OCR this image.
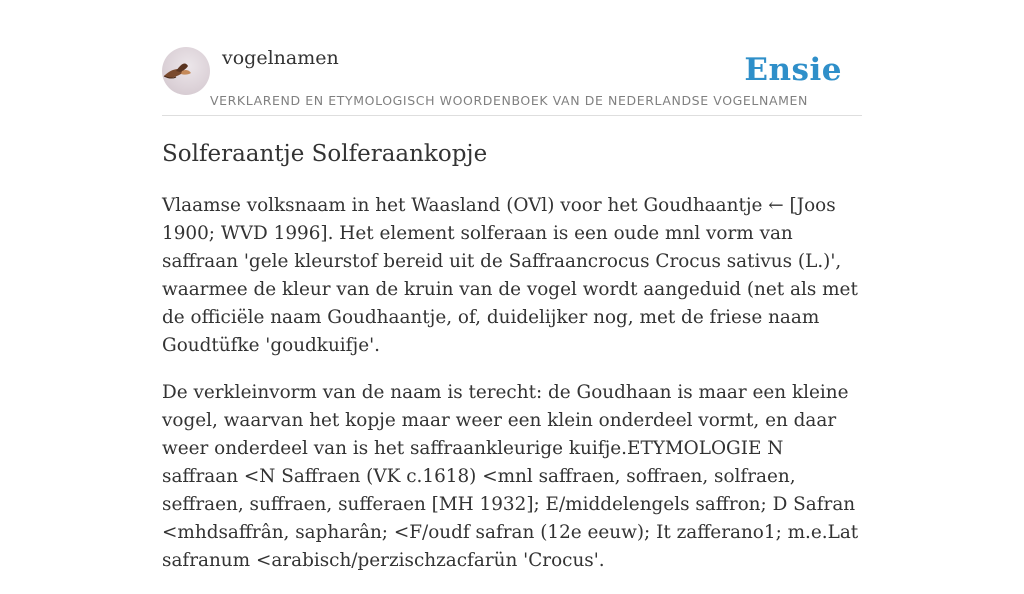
vogelnamen	Ensie
VERKLAREND EN ETYMOLOGISCH WOORDENBOEK VAN DE NEDERLANDSE VOGELNAMEN
Solferaantje Solferaankopje

Vlaamse volksnaam in het Waasland (OVl) voor het Goudhaantje ← [Joos 1900; WVD 1996]. Het element solferaan is een oude mnl vorm van saffraan 'gele kleurstof bereid uit de Saffraancrocus Crocus sativus (L.)', waarmee de kleur van de kruin van de vogel wordt aangeduid (net als met de officiële naam Goudhaantje, of, duidelijker nog, met de friese naam Goudtüfke 'goudkuifje'.

De verkleinvorm van de naam is terecht: de Goudhaan is maar een kleine vogel, waarvan het kopje maar weer een klein onderdeel vormt, en daar weer onderdeel van is het saffraankleurige kuifje.ETYMOLOGIE N saffraan <N Saffraen (VK c.1618) <mnl saffraen, soffraen, solfraen, seffraen, suffraen, sufferaen [MH 1932]; E/middelengels saffron; D Safran <mhdsaffrân, sapharân; <F/oudf safran (12e eeuw); It zafferano1; m.e.Lat safranum <arabisch/perzischzacfarün 'Crocus'.
